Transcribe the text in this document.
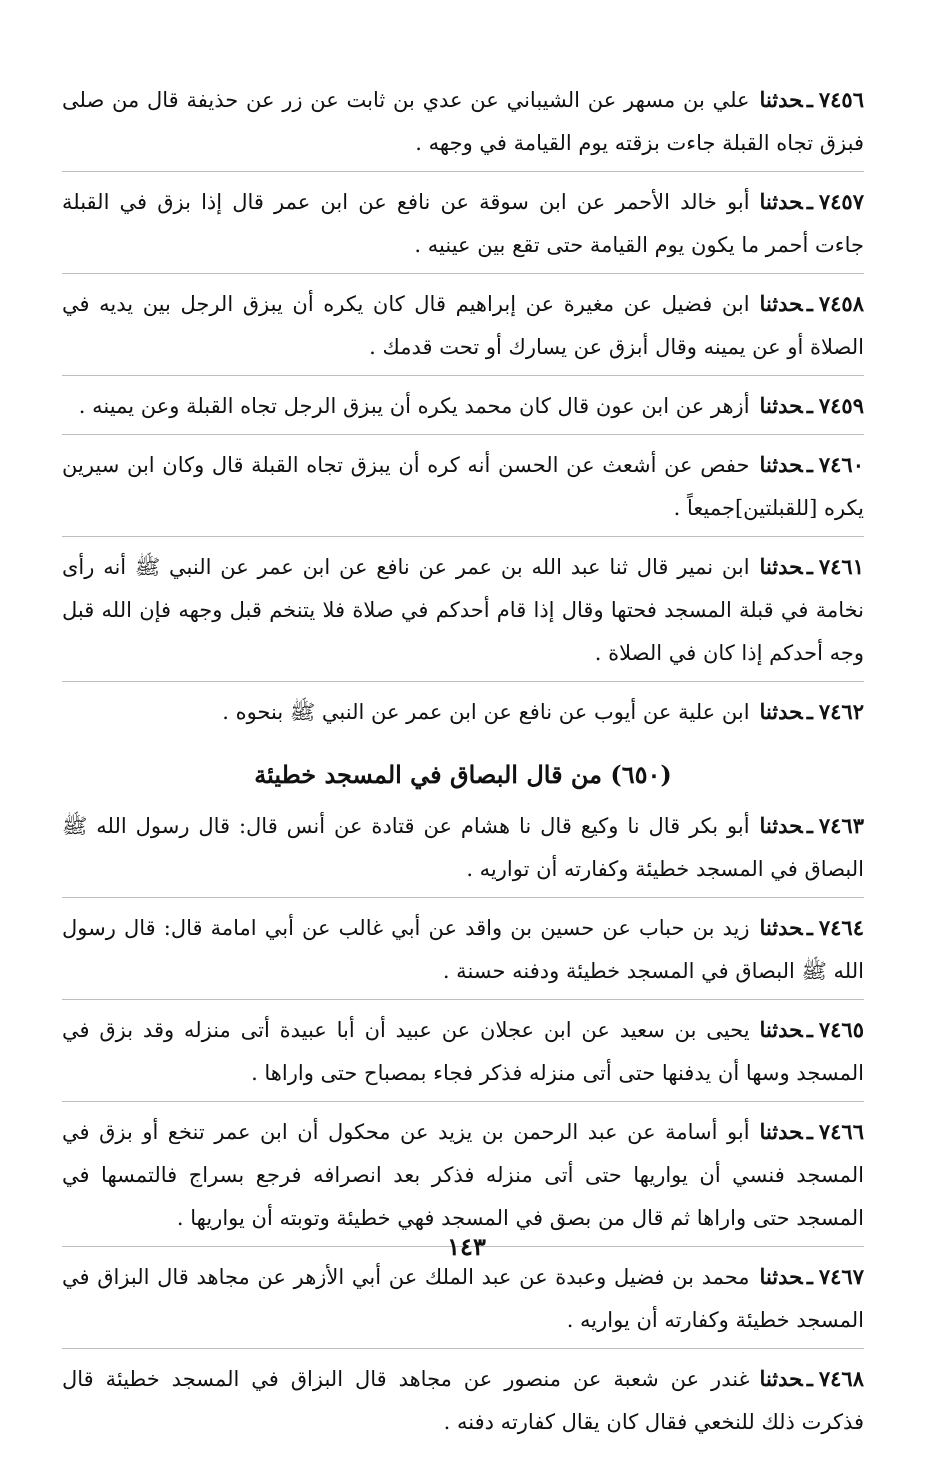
٧٤٥٦ـحدثناعلي بن مسهر عن الشيباني عن عدي بن ثابت عن زر عن حذيفة قال من صلى فبزق تجاه القبلة جاءت بزقته يوم القيامة في وجهه .
٧٤٥٧ـحدثناأبو خالد الأحمر عن ابن سوقة عن نافع عن ابن عمر قال إذا بزق في القبلة جاءت أحمر ما يكون يوم القيامة حتى تقع بين عينيه .
٧٤٥٨ـحدثناابن فضيل عن مغيرة عن إبراهيم قال كان يكره أن يبزق الرجل بين يديه في الصلاة أو عن يمينه وقال أبزق عن يسارك أو تحت قدمك .
٧٤٥٩ـحدثناأزهر عن ابن عون قال كان محمد يكره أن يبزق الرجل تجاه القبلة وعن يمينه .
٧٤٦٠ـحدثناحفص عن أشعث عن الحسن أنه كره أن يبزق تجاه القبلة قال وكان ابن سيرين يكره [للقبلتين]جميعاً .
٧٤٦١ـحدثناابن نمير قال ثنا عبد الله بن عمر عن نافع عن ابن عمر عن النبي ﷺ أنه رأى نخامة في قبلة المسجد فحتها وقال إذا قام أحدكم في صلاة فلا يتنخم قبل وجهه فإن الله قبل وجه أحدكم إذا كان في الصلاة .
٧٤٦٢ـحدثناابن علية عن أيوب عن نافع عن ابن عمر عن النبي ﷺ بنحوه .
(٦٥٠) من قال البصاق في المسجد خطيئة
٧٤٦٣ـحدثناأبو بكر قال نا وكيع قال نا هشام عن قتادة عن أنس قال: قال رسول الله ﷺ البصاق في المسجد خطيئة وكفارته أن تواريه .
٧٤٦٤ـحدثنازيد بن حباب عن حسين بن واقد عن أبي غالب عن أبي امامة قال: قال رسول الله ﷺ البصاق في المسجد خطيئة ودفنه حسنة .
٧٤٦٥ـحدثنايحيى بن سعيد عن ابن عجلان عن عبيد أن أبا عبيدة أتى منزله وقد بزق في المسجد وسها أن يدفنها حتى أتى منزله فذكر فجاء بمصباح حتى واراها .
٧٤٦٦ـحدثناأبو أسامة عن عبد الرحمن بن يزيد عن محكول أن ابن عمر تنخع أو بزق في المسجد فنسي أن يواريها حتى أتى منزله فذكر بعد انصرافه فرجع بسراج فالتمسها في المسجد حتى واراها ثم قال من بصق في المسجد فهي خطيئة وتوبته أن يواريها .
٧٤٦٧ـحدثنامحمد بن فضيل وعبدة عن عبد الملك عن أبي الأزهر عن مجاهد قال البزاق في المسجد خطيئة وكفارته أن يواريه .
٧٤٦٨ـحدثناغندر عن شعبة عن منصور عن مجاهد قال البزاق في المسجد خطيئة قال فذكرت ذلك للنخعي فقال كان يقال كفارته دفنه .
١٤٣
